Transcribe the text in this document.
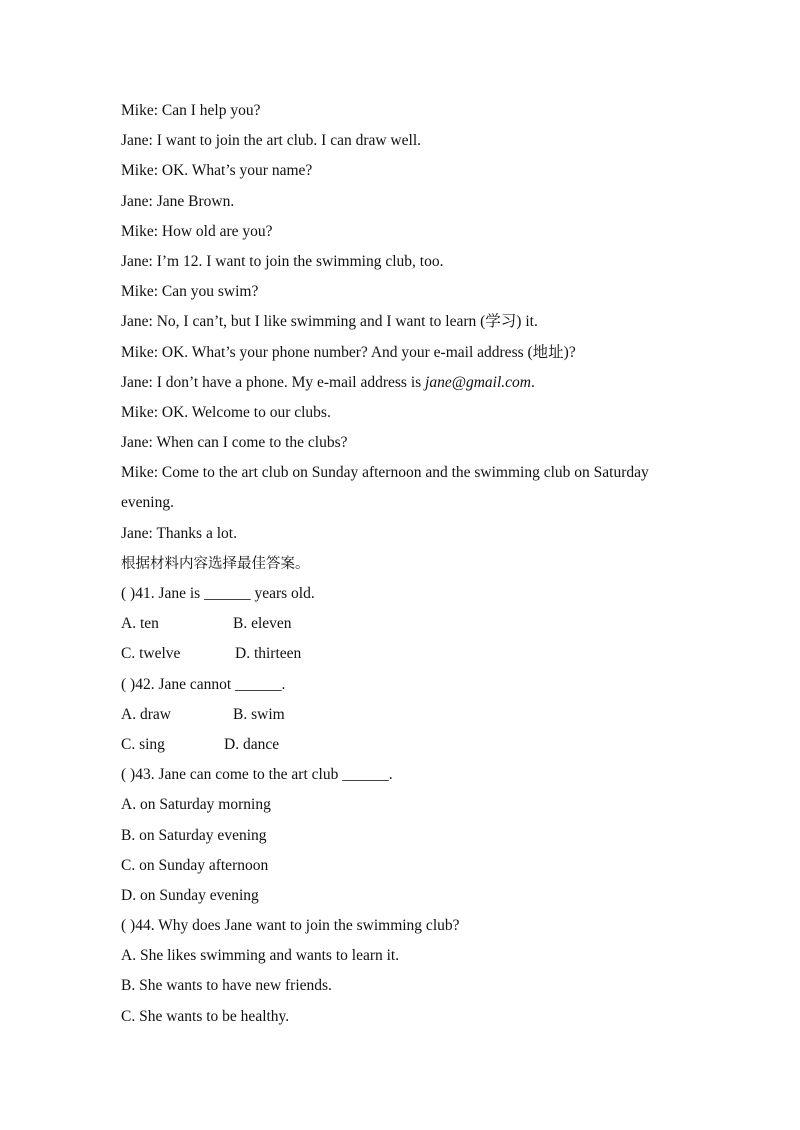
Mike: Can I help you?
Jane: I want to join the art club. I can draw well.
Mike: OK. What’s your name?
Jane: Jane Brown.
Mike: How old are you?
Jane: I’m 12. I want to join the swimming club, too.
Mike: Can you swim?
Jane: No, I can’t, but I like swimming and I want to learn (学习) it.
Mike: OK. What’s your phone number? And your e-mail address (地址)?
Jane: I don’t have a phone. My e-mail address is jane@gmail.com.
Mike: OK. Welcome to our clubs.
Jane: When can I come to the clubs?
Mike: Come to the art club on Sunday afternoon and the swimming club on Saturday
evening.
Jane: Thanks a lot.
根据材料内容选择最佳答案。
( )41. Jane is ______ years old.
A. ten	B. eleven
C. twelve	D. thirteen
( )42. Jane cannot ______.
A. draw	B. swim
C. sing	D. dance
( )43. Jane can come to the art club ______.
A. on Saturday morning
B. on Saturday evening
C. on Sunday afternoon
D. on Sunday evening
( )44. Why does Jane want to join the swimming club?
A. She likes swimming and wants to learn it.
B. She wants to have new friends.
C. She wants to be healthy.
